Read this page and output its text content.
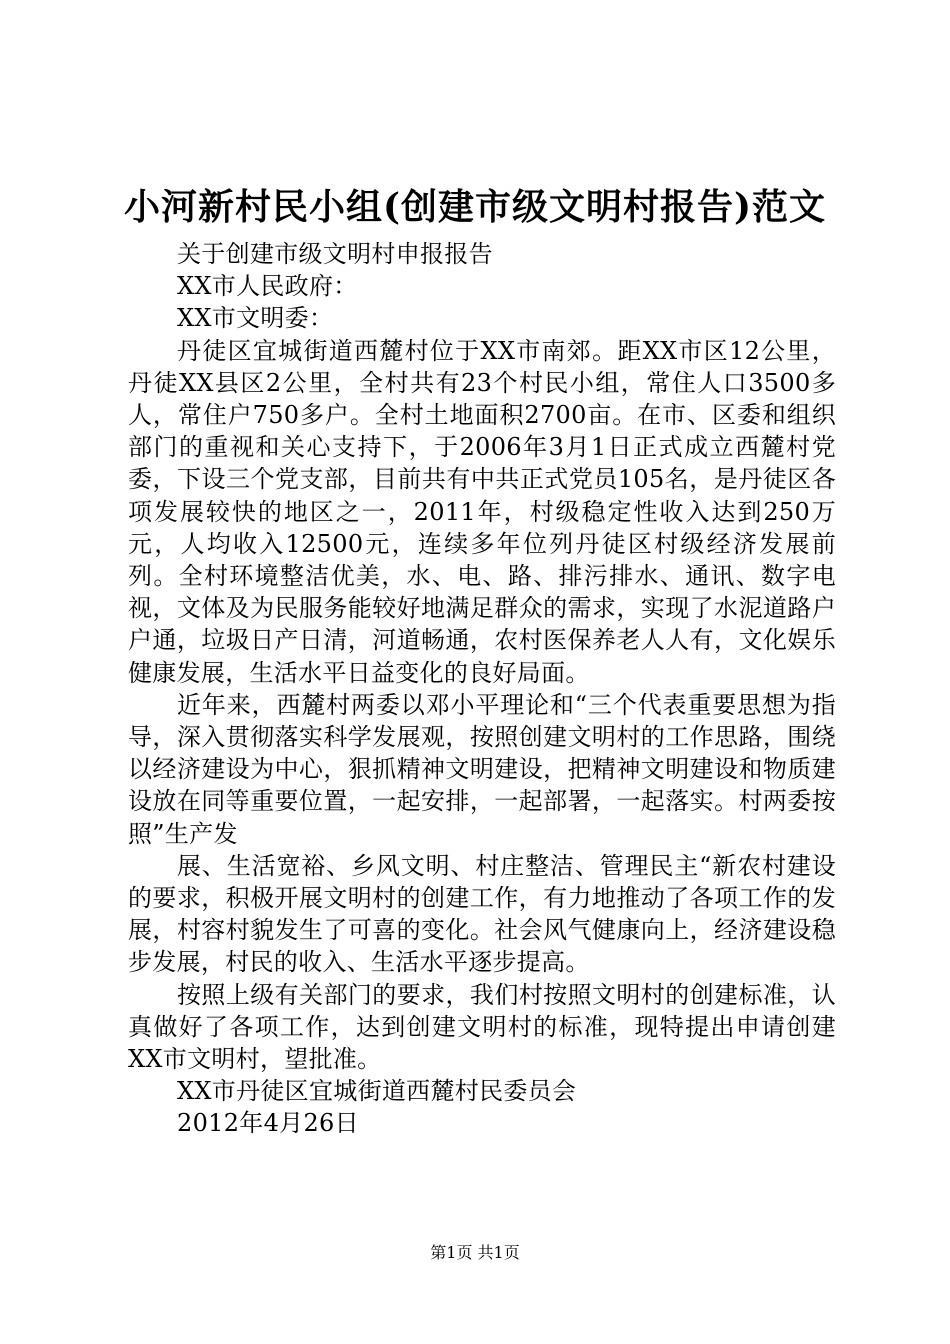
小河新村民小组(创建市级文明村报告)范文

关于创建市级文明村申报报告

XX市人民政府：

XX市文明委：

丹徒区宜城街道西麓村位于XX市南郊。距XX市区12公里，丹徒XX县区2公里，全村共有23个村民小组，常住人口3500多人，常住户750多户。全村土地面积2700亩。在市、区委和组织部门的重视和关心支持下，于2006年3月1日正式成立西麓村党委，下设三个党支部，目前共有中共正式党员105名，是丹徒区各项发展较快的地区之一，2011年，村级稳定性收入达到250万元，人均收入12500元，连续多年位列丹徒区村级经济发展前列。全村环境整洁优美，水、电、路、排污排水、通讯、数字电视，文体及为民服务能较好地满足群众的需求，实现了水泥道路户户通，垃圾日产日清，河道畅通，农村医保养老人人有，文化娱乐健康发展，生活水平日益变化的良好局面。

近年来，西麓村两委以邓小平理论和“三个代表重要思想为指导，深入贯彻落实科学发展观，按照创建文明村的工作思路，围绕以经济建设为中心，狠抓精神文明建设，把精神文明建设和物质建设放在同等重要位置，一起安排，一起部署，一起落实。村两委按照”生产发

展、生活宽裕、乡风文明、村庄整洁、管理民主“新农村建设的要求，积极开展文明村的创建工作，有力地推动了各项工作的发展，村容村貌发生了可喜的变化。社会风气健康向上，经济建设稳步发展，村民的收入、生活水平逐步提高。

按照上级有关部门的要求，我们村按照文明村的创建标准，认真做好了各项工作，达到创建文明村的标准，现特提出申请创建XX市文明村，望批准。

XX市丹徒区宜城街道西麓村民委员会

2012年4月26日

第1页 共1页
